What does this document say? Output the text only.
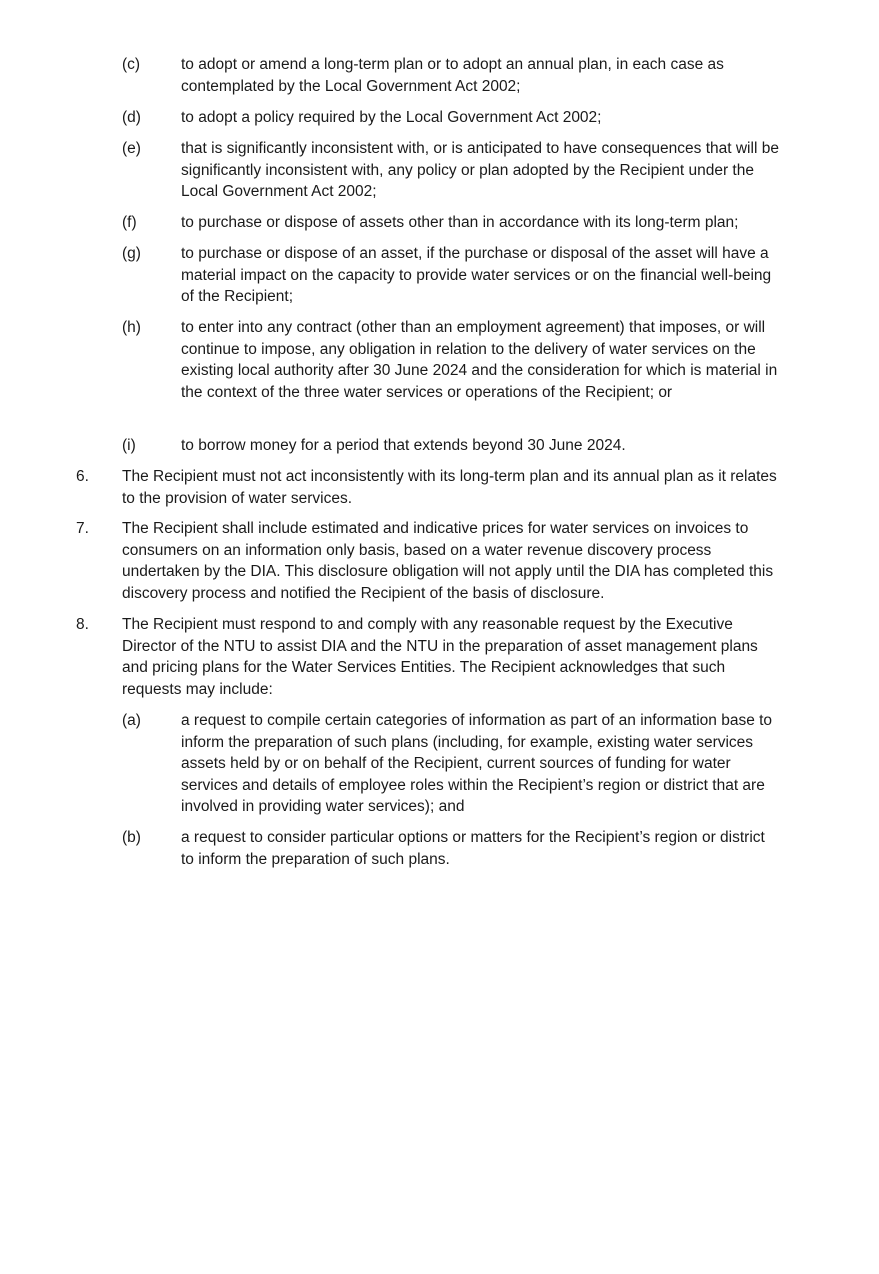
(c)	to adopt or amend a long-term plan or to adopt an annual plan, in each case as contemplated by the Local Government Act 2002;
(d)	to adopt a policy required by the Local Government Act 2002;
(e)	that is significantly inconsistent with, or is anticipated to have consequences that will be significantly inconsistent with, any policy or plan adopted by the Recipient under the Local Government Act 2002;
(f)	to purchase or dispose of assets other than in accordance with its long-term plan;
(g)	to purchase or dispose of an asset, if the purchase or disposal of the asset will have a material impact on the capacity to provide water services or on the financial well-being of the Recipient;
(h)	to enter into any contract (other than an employment agreement) that imposes, or will continue to impose, any obligation in relation to the delivery of water services on the existing local authority after 30 June 2024 and the consideration for which is material in the context of the three water services or operations of the Recipient; or
(i)	to borrow money for a period that extends beyond 30 June 2024.
6.	The Recipient must not act inconsistently with its long-term plan and its annual plan as it relates to the provision of water services.
7.	The Recipient shall include estimated and indicative prices for water services on invoices to consumers on an information only basis, based on a water revenue discovery process undertaken by the DIA. This disclosure obligation will not apply until the DIA has completed this discovery process and notified the Recipient of the basis of disclosure.
8.	The Recipient must respond to and comply with any reasonable request by the Executive Director of the NTU to assist DIA and the NTU in the preparation of asset management plans and pricing plans for the Water Services Entities. The Recipient acknowledges that such requests may include:
(a)	a request to compile certain categories of information as part of an information base to inform the preparation of such plans (including, for example, existing water services assets held by or on behalf of the Recipient, current sources of funding for water services and details of employee roles within the Recipient’s region or district that are involved in providing water services); and
(b)	a request to consider particular options or matters for the Recipient’s region or district to inform the preparation of such plans.
